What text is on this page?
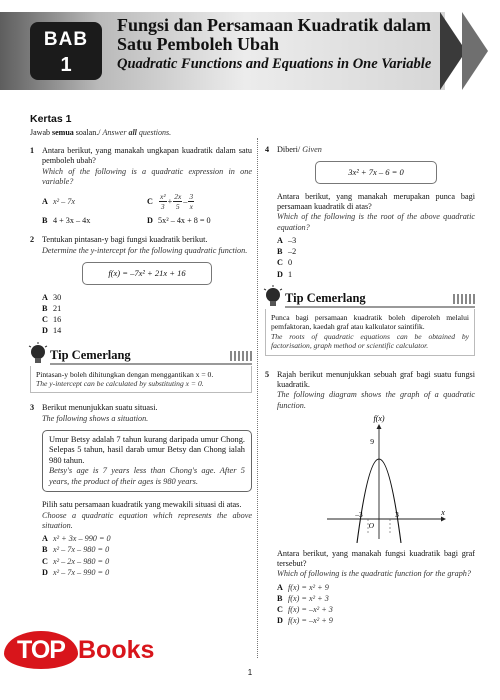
BAB
1
Fungsi dan Persamaan Kuadratik dalam Satu Pemboleh Ubah
Quadratic Functions and Equations in One Variable
Kertas 1
Jawab semua soalan./ Answer all questions.
1 Antara berikut, yang manakah ungkapan kuadratik dalam satu pemboleh ubah?
Which of the following is a quadratic expression in one variable?
A x² – 7x	C $\frac{\text{x²}}{3} + \frac{2x}{5} - \frac{3}{x}$
B 4 + 3x – 4x	D 5x² – 4x + 8 = 0
2 Tentukan pintasan-y bagi fungsi kuadratik berikut.
Determine the y-intercept for the following quadratic function.
f(x) = –7x² + 21x + 16
A 30
B 21
C 16
D 14
Tip Cemerlang
Pintasan-y boleh dihitungkan dengan menggantikan x = 0.
The y-intercept can be calculated by substituting x = 0.
3 Berikut menunjukkan suatu situasi.
The following shows a situation.
Umur Betsy adalah 7 tahun kurang daripada umur Chong. Selepas 5 tahun, hasil darab umur Betsy dan Chong ialah 980 tahun.
Betsy's age is 7 years less than Chong's age. After 5 years, the product of their ages is 980 years.
Pilih satu persamaan kuadratik yang mewakili situasi di atas.
Choose a quadratic equation which represents the above situation.
A x² + 3x – 990 = 0
B x² – 7x – 980 = 0
C x² – 2x – 980 = 0
D x² – 7x – 990 = 0
4 Diberi/ Given
3x² + 7x – 6 = 0
Antara berikut, yang manakah merupakan punca bagi persamaan kuadratik di atas?
Which of the following is the root of the above quadratic equation?
A –3
B –2
C 0
D 1
Tip Cemerlang
Punca bagi persamaan kuadratik boleh diperoleh melalui pemfaktoran, kaedah graf atau kalkulator saintifik.
The roots of quadratic equations can be obtained by factorisation, graph method or scientific calculator.
5 Rajah berikut menunjukkan sebuah graf bagi suatu fungsi kuadratik.
The following diagram shows the graph of a quadratic function.
f(x)
x
9
O
–3	3
Antara berikut, yang manakah fungsi kuadratik bagi graf tersebut?
Which of following is the quadratic function for the graph?
A f(x) = x² + 9
B f(x) = x² + 3
C f(x) = –x² + 3
D f(x) = –x² + 9
1
TOP Books
